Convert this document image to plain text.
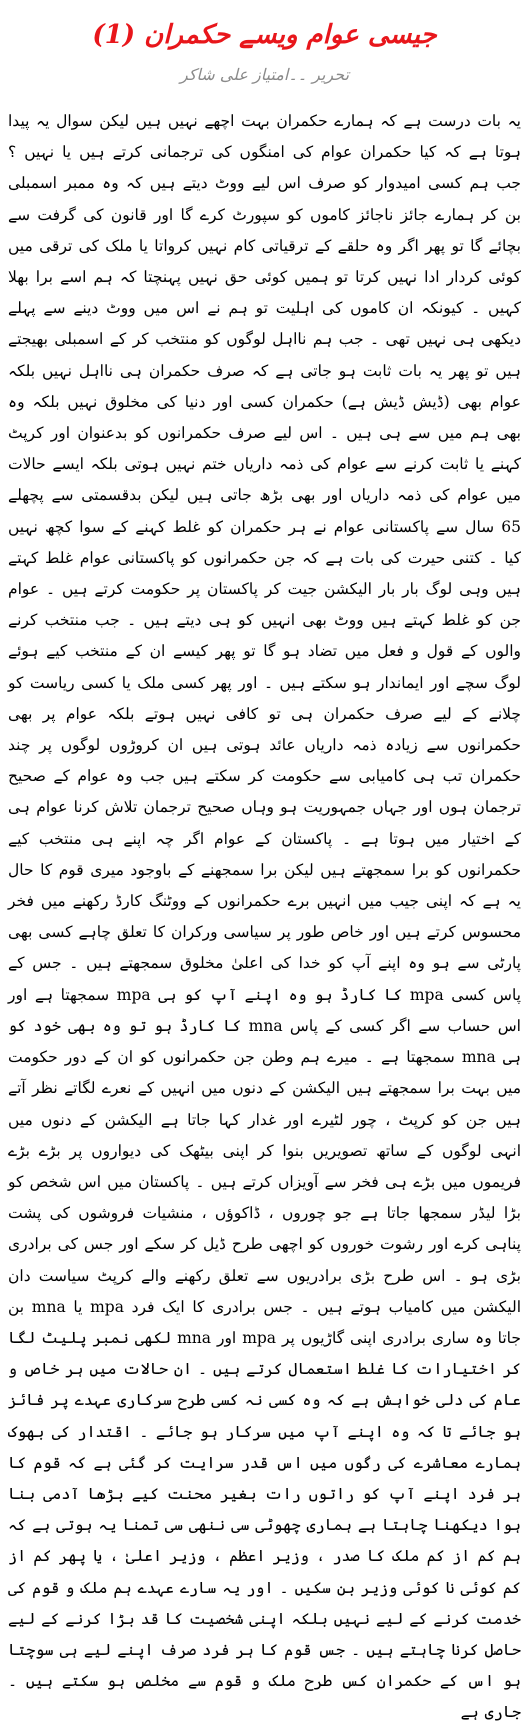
جیسی عوام ویسے حکمران (1)
تحریر ۔۔امتیاز علی شاکر

یہ بات درست ہے کہ ہمارے حکمران بہت اچھے نہیں ہیں لیکن سوال یہ پیدا ہوتا ہے کہ کیا حکمران عوام کی امنگوں کی ترجمانی کرتے ہیں یا نہیں ؟ جب ہم کسی امیدوار کو صرف اس لیے ووٹ دیتے ہیں کہ وہ ممبر اسمبلی بن کر ہمارے جائز ناجائز کاموں کو سپورٹ کرے گا اور قانون کی گرفت سے بچائے گا تو پھر اگر وہ حلقے کے ترقیاتی کام نہیں کرواتا یا ملک کی ترقی میں کوئی کردار ادا نہیں کرتا تو ہمیں کوئی حق نہیں پہنچتا کہ ہم اسے برا بھلا کہیں ۔ کیونکہ ان کاموں کی اہلیت تو ہم نے اس میں ووٹ دینے سے پہلے دیکھی ہی نہیں تھی ۔ جب ہم نااہل لوگوں کو منتخب کر کے اسمبلی بھیجتے ہیں تو پھر یہ بات ثابت ہو جاتی ہے کہ صرف حکمران ہی نااہل نہیں بلکہ عوام بھی (ڈیش ڈیش ہے) حکمران کسی اور دنیا کی مخلوق نہیں بلکہ وہ بھی ہم میں سے ہی ہیں ۔ اس لیے صرف حکمرانوں کو بدعنوان اور کرپٹ کہنے یا ثابت کرنے سے عوام کی ذمہ داریاں ختم نہیں ہوتی بلکہ ایسے حالات میں عوام کی ذمہ داریاں اور بھی بڑھ جاتی ہیں لیکن بدقسمتی سے پچھلے 65 سال سے پاکستانی عوام نے ہر حکمران کو غلط کہنے کے سوا کچھ نہیں کیا ۔ کتنی حیرت کی بات ہے کہ جن حکمرانوں کو پاکستانی عوام غلط کہتے ہیں وہی لوگ بار بار الیکشن جیت کر پاکستان پر حکومت کرتے ہیں ۔ عوام جن کو غلط کہتے ہیں ووٹ بھی انہیں کو ہی دیتے ہیں ۔ جب منتخب کرنے والوں کے قول و فعل میں تضاد ہو گا تو پھر کیسے ان کے منتخب کیے ہوئے لوگ سچے اور ایماندار ہو سکتے ہیں ۔ اور پھر کسی ملک یا کسی ریاست کو چلانے کے لیے صرف حکمران ہی تو کافی نہیں ہوتے بلکہ عوام پر بھی حکمرانوں سے زیادہ ذمہ داریاں عائد ہوتی ہیں ان کروڑوں لوگوں پر چند حکمران تب ہی کامیابی سے حکومت کر سکتے ہیں جب وہ عوام کے صحیح ترجمان ہوں اور جہاں جمہوریت ہو وہاں صحیح ترجمان تلاش کرنا عوام ہی کے اختیار میں ہوتا ہے ۔ پاکستان کے عوام اگر چہ اپنے ہی منتخب کیے حکمرانوں کو برا سمجھتے ہیں لیکن برا سمجھنے کے باوجود میری قوم کا حال یہ ہے کہ اپنی جیب میں انہیں برے حکمرانوں کے ووٹنگ کارڈ رکھنے میں فخر محسوس کرتے ہیں اور خاص طور پر سیاسی ورکران کا تعلق چاہے کسی بھی پارٹی سے ہو وہ اپنے آپ کو خدا کی اعلیٰ مخلوق سمجھتے ہیں ۔ جس کے پاس کسی mpa کا کارڈ ہو وہ اپنے آپ کو ہی mpa سمجھتا ہے اور اس حساب سے اگر کسی کے پاس mna کا کارڈ ہو تو وہ بھی خود کو ہی mna سمجھتا ہے ۔ میرے ہم وطن جن حکمرانوں کو ان کے دور حکومت میں بہت برا سمجھتے ہیں الیکشن کے دنوں میں انہیں کے نعرے لگاتے نظر آتے ہیں جن کو کرپٹ ، چور لٹیرے اور غدار کہا جاتا ہے الیکشن کے دنوں میں انہی لوگوں کے ساتھ تصویریں بنوا کر اپنی بیٹھک کی دیواروں پر بڑے بڑے فریموں میں بڑے ہی فخر سے آویزاں کرتے ہیں ۔ پاکستان میں اس شخص کو بڑا لیڈر سمجھا جاتا ہے جو چوروں ، ڈاکوؤں ، منشیات فروشوں کی پشت پناہی کرے اور رشوت خوروں کو اچھی طرح ڈیل کر سکے اور جس کی برادری بڑی ہو ۔ اس طرح بڑی برادریوں سے تعلق رکھنے والے کرپٹ سیاست دان الیکشن میں کامیاب ہوتے ہیں ۔ جس برادری کا ایک فرد mpa یا mna بن جاتا وہ ساری برادری اپنی گاڑیوں پر mpa اور mna لکھی نمبر پلیٹ لگا کر اختیارات کا غلط استعمال کرتے ہیں ۔ ان حالات میں ہر خاص و عام کی دلی خواہش ہے کہ وہ کسی نہ کسی طرح سرکاری عہدے پر فائز ہو جائے تا کہ وہ اپنے آپ میں سرکار ہو جائے ۔ اقتدار کی بھوک ہمارے معاشرے کی رگوں میں اس قدر سرایت کر گئی ہے کہ قوم کا ہر فرد اپنے آپ کو راتوں رات بغیر محنت کیے بڑھا آدمی بنا ہوا دیکھنا چاہتا ہے ہماری چھوٹی سی ننھی سی تمنا یہ ہوتی ہے کہ ہم کم از کم ملک کا صدر ، وزیر اعظم ، وزیر اعلیٰ ، یا پھر کم از کم کوئی نا کوئی وزیر بن سکیں ۔ اور یہ سارے عہدے ہم ملک و قوم کی خدمت کرنے کے لیے نہیں بلکہ اپنی شخصیت کا قد بڑا کرنے کے لیے حاصل کرنا چاہتے ہیں ۔ جس قوم کا ہر فرد صرف اپنے لیے ہی سوچتا ہو اس کے حکمران کس طرح ملک و قوم سے مخلص ہو سکتے ہیں ۔ جاری ہے
